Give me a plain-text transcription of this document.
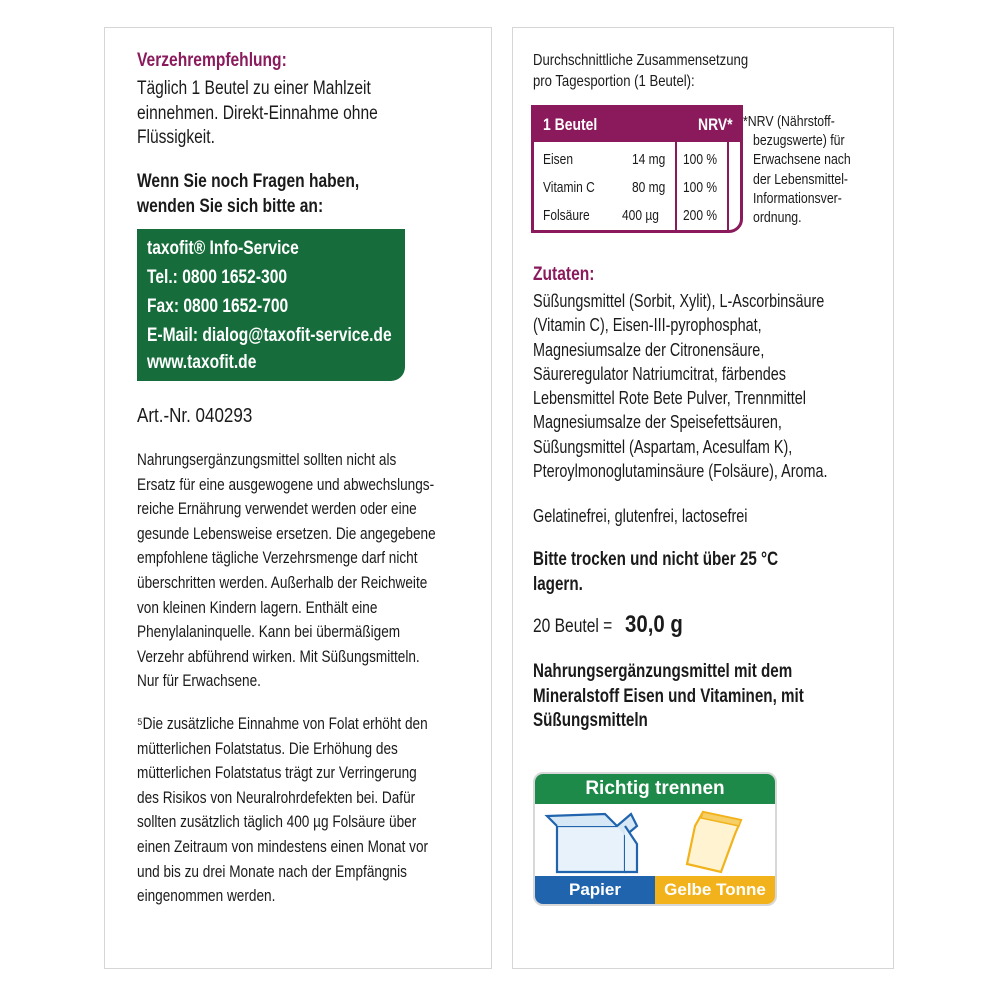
Verzehrempfehlung:
Täglich 1 Beutel zu einer Mahlzeit
einnehmen. Direkt-Einnahme ohne
Flüssigkeit.
Wenn Sie noch Fragen haben,
wenden Sie sich bitte an:
taxofit® Info-Service
Tel.: 0800 1652-300
Fax: 0800 1652-700
E-Mail: dialog@taxofit-service.de
www.taxofit.de
Art.-Nr. 040293
Nahrungsergänzungsmittel sollten nicht als
Ersatz für eine ausgewogene und abwechslungs-
reiche Ernährung verwendet werden oder eine
gesunde Lebensweise ersetzen. Die angegebene
empfohlene tägliche Verzehrsmenge darf nicht
überschritten werden. Außerhalb der Reichweite
von kleinen Kindern lagern. Enthält eine
Phenylalaninquelle. Kann bei übermäßigem
Verzehr abführend wirken. Mit Süßungsmitteln.
Nur für Erwachsene.
⁵Die zusätzliche Einnahme von Folat erhöht den
mütterlichen Folatstatus. Die Erhöhung des
mütterlichen Folatstatus trägt zur Verringerung
des Risikos von Neuralrohrdefekten bei. Dafür
sollten zusätzlich täglich 400 µg Folsäure über
einen Zeitraum von mindestens einen Monat vor
und bis zu drei Monate nach der Empfängnis
eingenommen werden.
Durchschnittliche Zusammensetzung
pro Tagesportion (1 Beutel):
1 Beutel	NRV*
Eisen	14 mg 100 %
Vitamin C 80 mg 100 %
Folsäure 400 µg 200 %
*NRV (Nährstoff-
bezugswerte) für
Erwachsene nach
der Lebensmittel-
Informationsver-
ordnung.
Zutaten:
Süßungsmittel (Sorbit, Xylit), L-Ascorbinsäure
(Vitamin C), Eisen-III-pyrophosphat,
Magnesiumsalze der Citronensäure,
Säureregulator Natriumcitrat, färbendes
Lebensmittel Rote Bete Pulver, Trennmittel
Magnesiumsalze der Speisefettsäuren,
Süßungsmittel (Aspartam, Acesulfam K),
Pteroylmonoglutaminsäure (Folsäure), Aroma.
Gelatinefrei, glutenfrei, lactosefrei
Bitte trocken und nicht über 25 °C
lagern.
20 Beutel = 30,0 g
Nahrungsergänzungsmittel mit dem
Mineralstoff Eisen und Vitaminen, mit
Süßungsmitteln
Richtig trennen
Papier	Gelbe Tonne
